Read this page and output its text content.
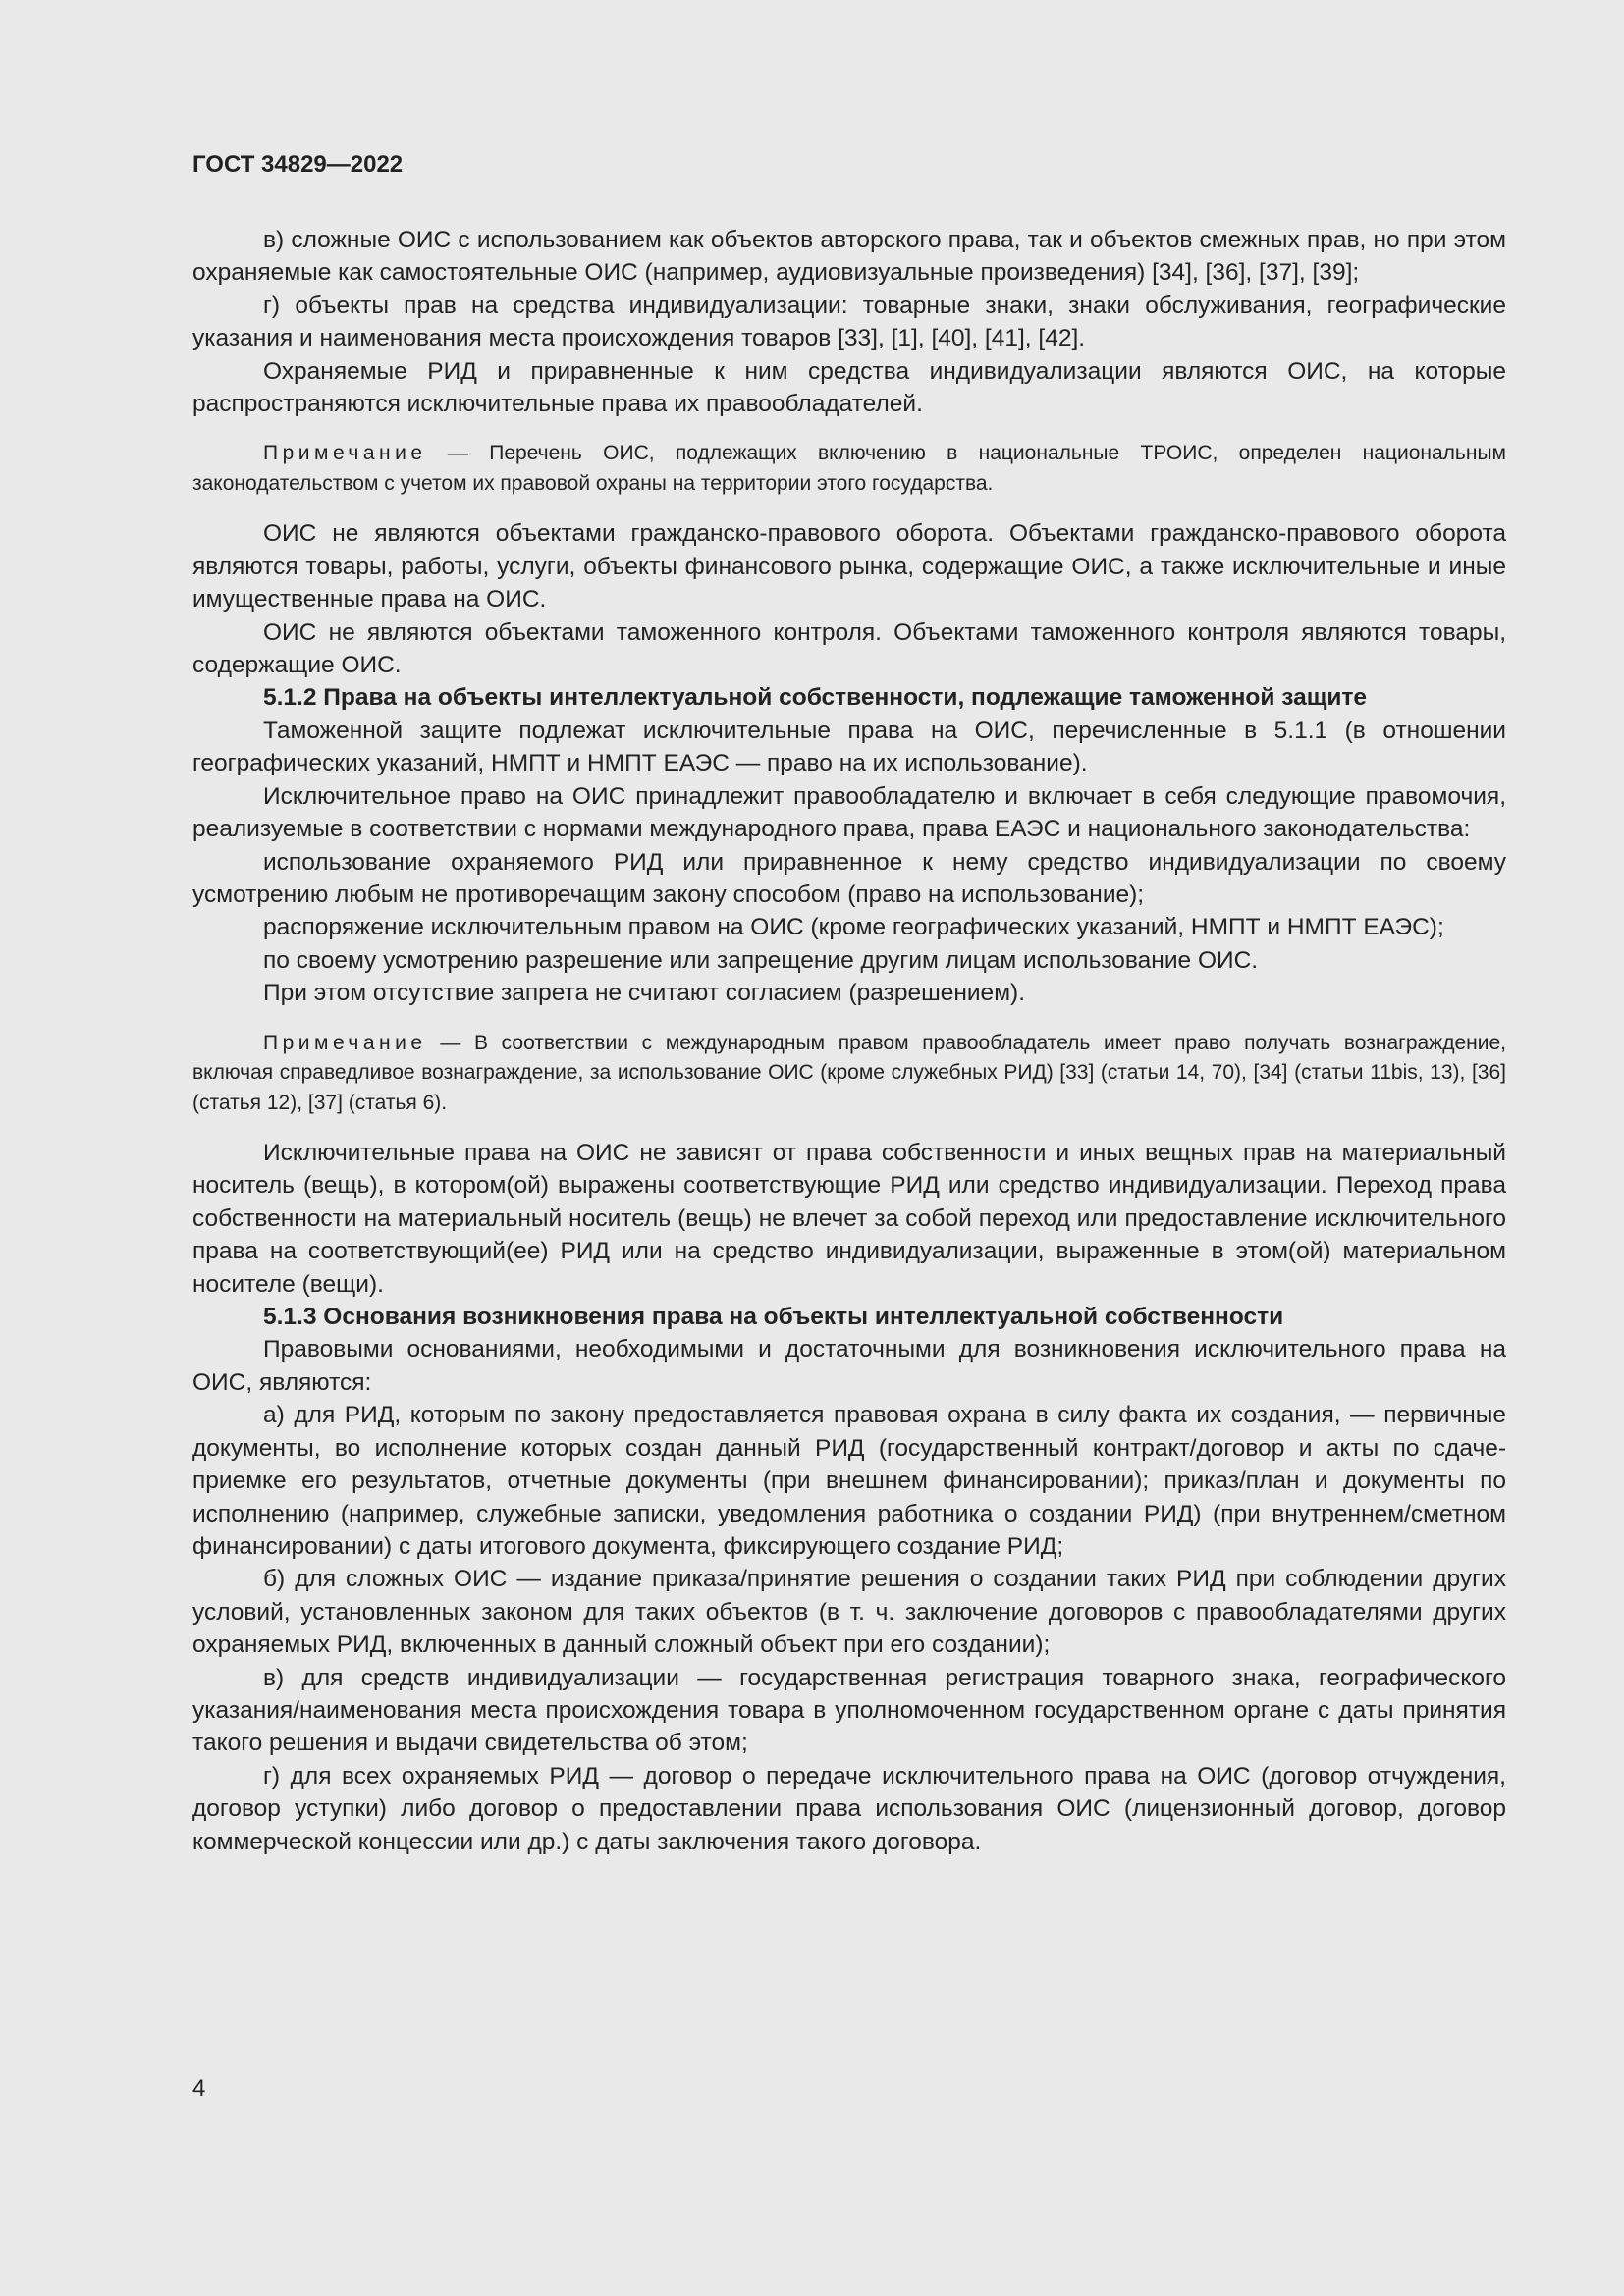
ГОСТ 34829—2022

в) сложные ОИС с использованием как объектов авторского права, так и объектов смежных прав, но при этом охраняемые как самостоятельные ОИС (например, аудиовизуальные произведения) [34], [36], [37], [39];

г) объекты прав на средства индивидуализации: товарные знаки, знаки обслуживания, географические указания и наименования места происхождения товаров [33], [1], [40], [41], [42].

Охраняемые РИД и приравненные к ним средства индивидуализации являются ОИС, на которые распространяются исключительные права их правообладателей.

Примечание — Перечень ОИС, подлежащих включению в национальные ТРОИС, определен национальным законодательством с учетом их правовой охраны на территории этого государства.

ОИС не являются объектами гражданско-правового оборота. Объектами гражданско-правового оборота являются товары, работы, услуги, объекты финансового рынка, содержащие ОИС, а также исключительные и иные имущественные права на ОИС.

ОИС не являются объектами таможенного контроля. Объектами таможенного контроля являются товары, содержащие ОИС.

5.1.2 Права на объекты интеллектуальной собственности, подлежащие таможенной защите

Таможенной защите подлежат исключительные права на ОИС, перечисленные в 5.1.1 (в отношении географических указаний, НМПТ и НМПТ ЕАЭС — право на их использование).

Исключительное право на ОИС принадлежит правообладателю и включает в себя следующие правомочия, реализуемые в соответствии с нормами международного права, права ЕАЭС и национального законодательства:

использование охраняемого РИД или приравненное к нему средство индивидуализации по своему усмотрению любым не противоречащим закону способом (право на использование);

распоряжение исключительным правом на ОИС (кроме географических указаний, НМПТ и НМПТ ЕАЭС);

по своему усмотрению разрешение или запрещение другим лицам использование ОИС.

При этом отсутствие запрета не считают согласием (разрешением).

Примечание — В соответствии с международным правом правообладатель имеет право получать вознаграждение, включая справедливое вознаграждение, за использование ОИС (кроме служебных РИД) [33] (статьи 14, 70), [34] (статьи 11bis, 13), [36] (статья 12), [37] (статья 6).

Исключительные права на ОИС не зависят от права собственности и иных вещных прав на материальный носитель (вещь), в котором(ой) выражены соответствующие РИД или средство индивидуализации. Переход права собственности на материальный носитель (вещь) не влечет за собой переход или предоставление исключительного права на соответствующий(ее) РИД или на средство индивидуализации, выраженные в этом(ой) материальном носителе (вещи).

5.1.3 Основания возникновения права на объекты интеллектуальной собственности

Правовыми основаниями, необходимыми и достаточными для возникновения исключительного права на ОИС, являются:

а) для РИД, которым по закону предоставляется правовая охрана в силу факта их создания, — первичные документы, во исполнение которых создан данный РИД (государственный контракт/договор и акты по сдаче-приемке его результатов, отчетные документы (при внешнем финансировании); приказ/план и документы по исполнению (например, служебные записки, уведомления работника о создании РИД) (при внутреннем/сметном финансировании) с даты итогового документа, фиксирующего создание РИД;

б) для сложных ОИС — издание приказа/принятие решения о создании таких РИД при соблюдении других условий, установленных законом для таких объектов (в т. ч. заключение договоров с правообладателями других охраняемых РИД, включенных в данный сложный объект при его создании);

в) для средств индивидуализации — государственная регистрация товарного знака, географического указания/наименования места происхождения товара в уполномоченном государственном органе с даты принятия такого решения и выдачи свидетельства об этом;

г) для всех охраняемых РИД — договор о передаче исключительного права на ОИС (договор отчуждения, договор уступки) либо договор о предоставлении права использования ОИС (лицензионный договор, договор коммерческой концессии или др.) с даты заключения такого договора.

4
